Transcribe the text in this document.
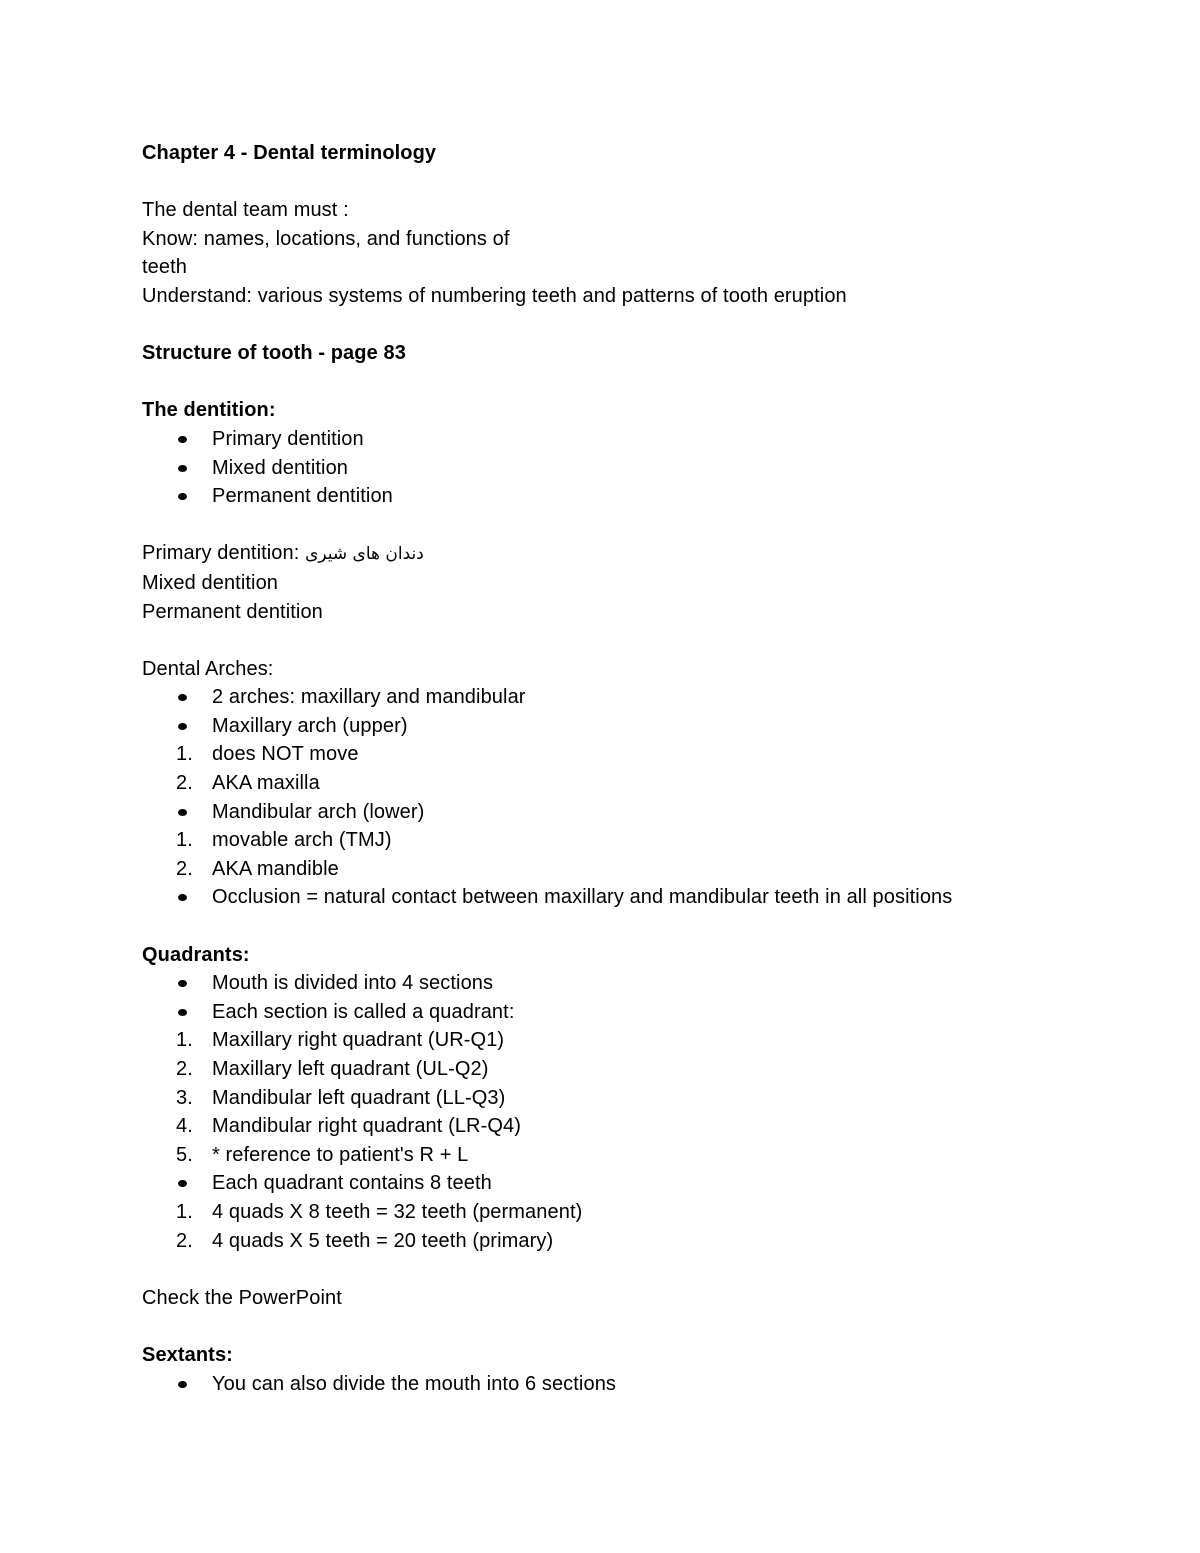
Chapter 4 - Dental terminology
The dental team must :
Know: names, locations, and functions of
teeth
Understand: various systems of numbering teeth and patterns of tooth eruption
Structure of tooth - page 83
The dentition:
Primary dentition
Mixed dentition
Permanent dentition
Primary dentition: دندان های شیری
Mixed dentition
Permanent dentition
Dental Arches:
2 arches: maxillary and mandibular
Maxillary arch (upper)
1. does NOT move
2. AKA maxilla
Mandibular arch (lower)
1. movable arch (TMJ)
2. AKA mandible
Occlusion = natural contact between maxillary and mandibular teeth in all positions
Quadrants:
Mouth is divided into 4 sections
Each section is called a quadrant:
1. Maxillary right quadrant (UR-Q1)
2. Maxillary left quadrant (UL-Q2)
3. Mandibular left quadrant (LL-Q3)
4. Mandibular right quadrant (LR-Q4)
5. * reference to patient's R + L
Each quadrant contains 8 teeth
1. 4 quads X 8 teeth = 32 teeth (permanent)
2. 4 quads X 5 teeth = 20 teeth (primary)
Check the PowerPoint
Sextants:
You can also divide the mouth into 6 sections
